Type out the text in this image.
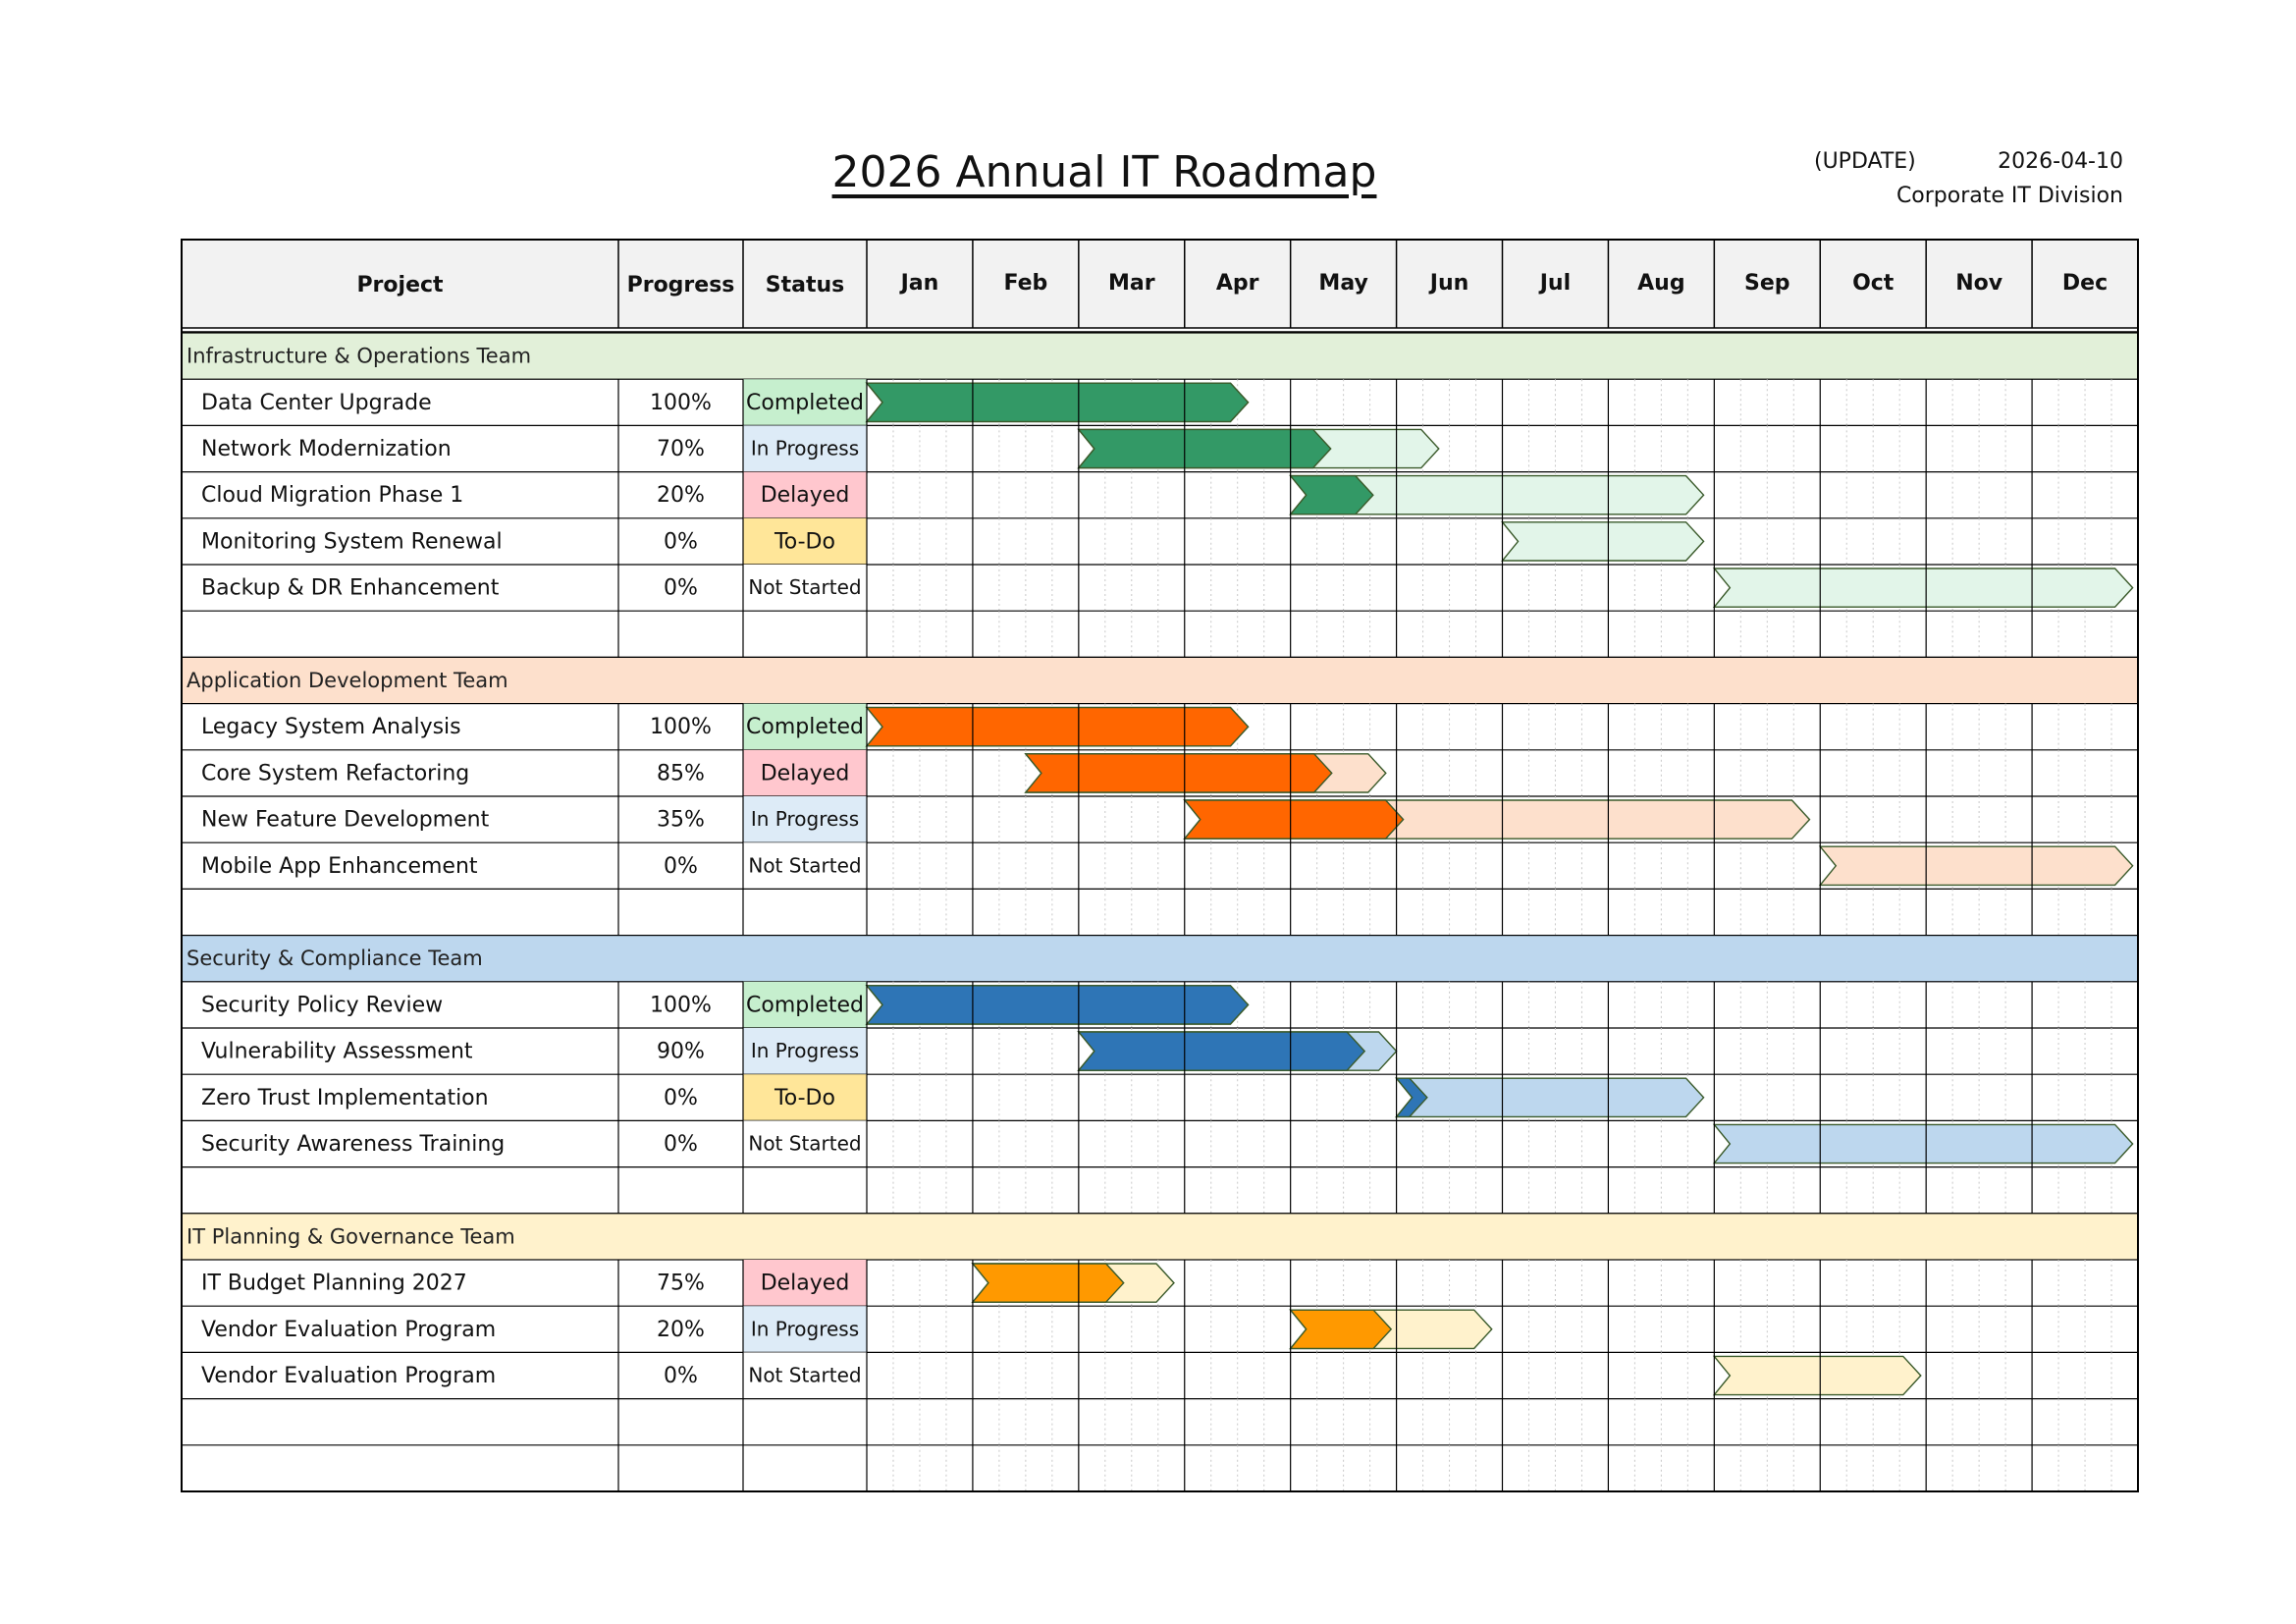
2026 Annual IT Roadmap	(UPDATE)	2026-04-10
Corporate IT Division
Project	Progress Status	Jan	Feb	Mar	Apr	May	Jun	Jul	Aug	Sep	Oct	Nov	Dec
Infrastructure & Operations Team
Data Center Upgrade	100% Completed
Network Modernization	70% In Progress
Cloud Migration Phase 1	20%	Delayed
Monitoring System Renewal	0%	To-Do
Backup & DR Enhancement	0%	Not Started
Application Development Team
Legacy System Analysis	100% Completed
Core System Refactoring	85%	Delayed
New Feature Development	35% In Progress
Mobile App Enhancement	0%	Not Started
Security & Compliance Team
Security Policy Review	100% Completed
Vulnerability Assessment	90% In Progress
Zero Trust Implementation	0%	To-Do
Security Awareness Training	0%	Not Started
IT Planning & Governance Team
IT Budget Planning 2027	75%	Delayed
Vendor Evaluation Program	20% In Progress
Vendor Evaluation Program	0%	Not Started
